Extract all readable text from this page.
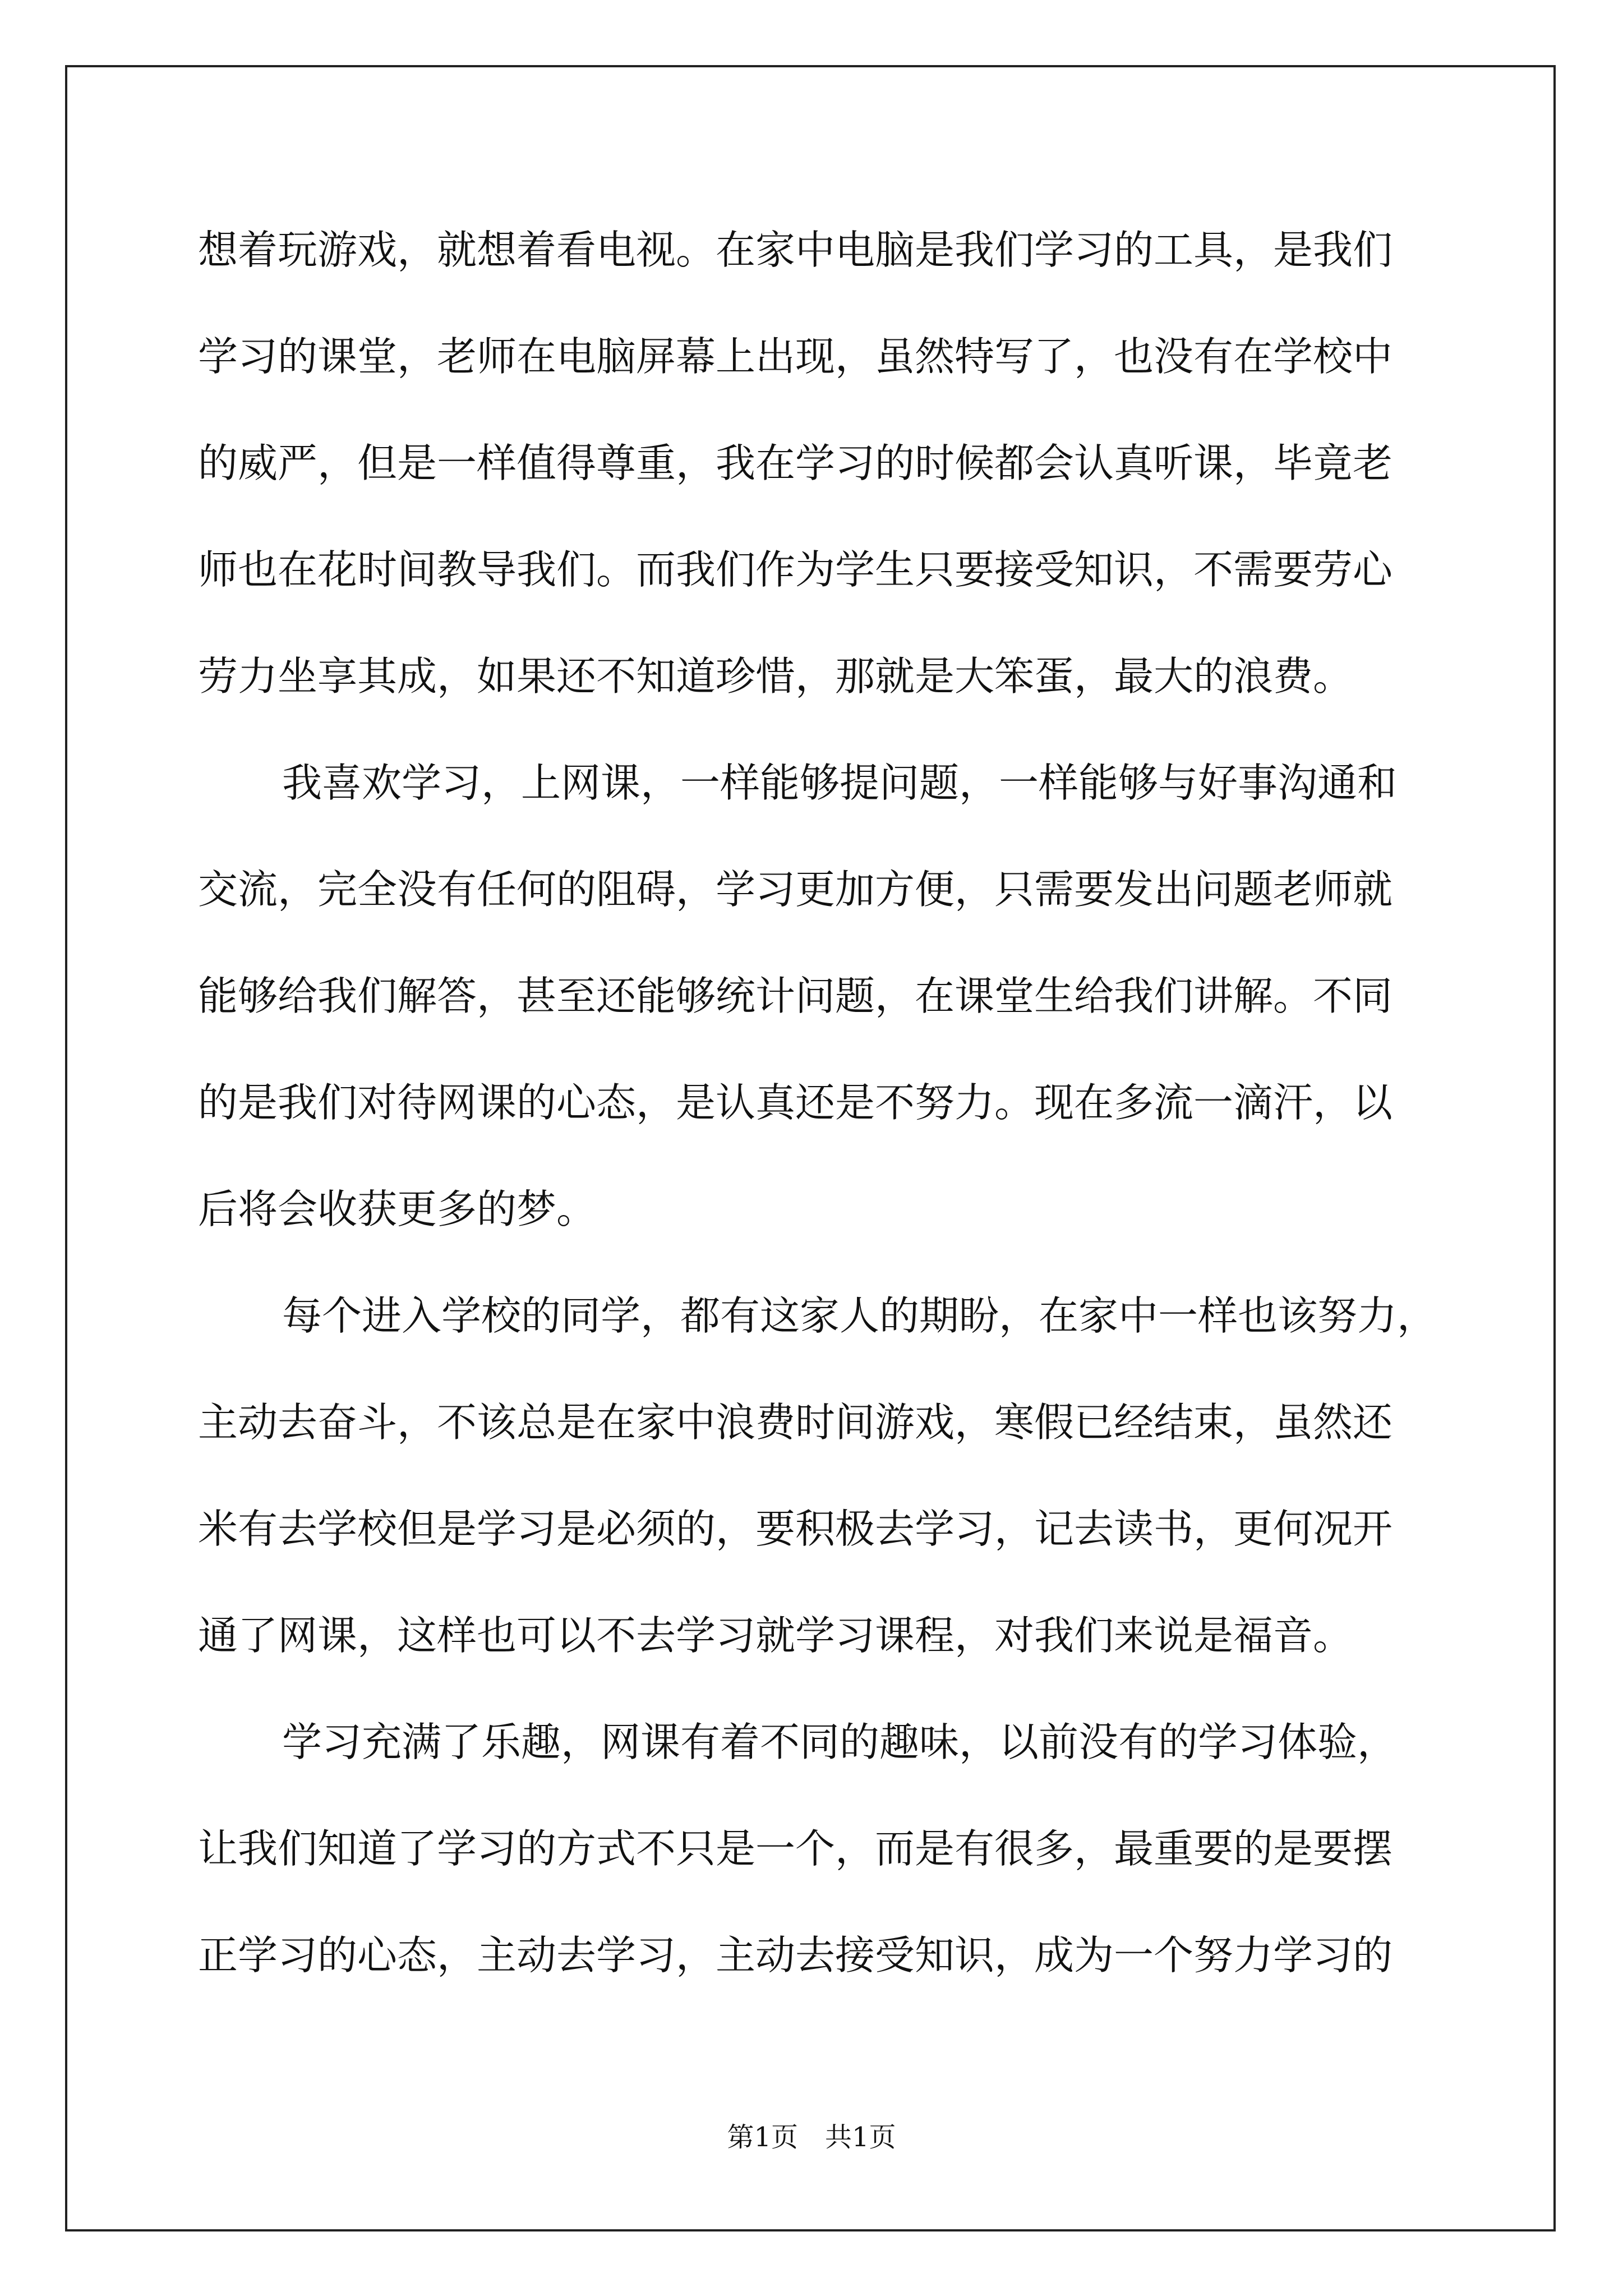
想着玩游戏，就想着看电视。在家中电脑是我们学习的工具，是我们
学习的课堂，老师在电脑屏幕上出现，虽然特写了，也没有在学校中
的威严，但是一样值得尊重，我在学习的时候都会认真听课，毕竟老
师也在花时间教导我们。而我们作为学生只要接受知识，不需要劳心
劳力坐享其成，如果还不知道珍惜，那就是大笨蛋，最大的浪费。
我喜欢学习，上网课，一样能够提问题，一样能够与好事沟通和
交流，完全没有任何的阻碍，学习更加方便，只需要发出问题老师就
能够给我们解答，甚至还能够统计问题，在课堂生给我们讲解。不同
的是我们对待网课的心态，是认真还是不努力。现在多流一滴汗，以
后将会收获更多的梦。
每个进入学校的同学，都有这家人的期盼，在家中一样也该努力，
主动去奋斗，不该总是在家中浪费时间游戏，寒假已经结束，虽然还
米有去学校但是学习是必须的，要积极去学习，记去读书，更何况开
通了网课，这样也可以不去学习就学习课程，对我们来说是福音。
学习充满了乐趣，网课有着不同的趣味，以前没有的学习体验，
让我们知道了学习的方式不只是一个，而是有很多，最重要的是要摆
正学习的心态，主动去学习，主动去接受知识，成为一个努力学习的
第1页　共1页
